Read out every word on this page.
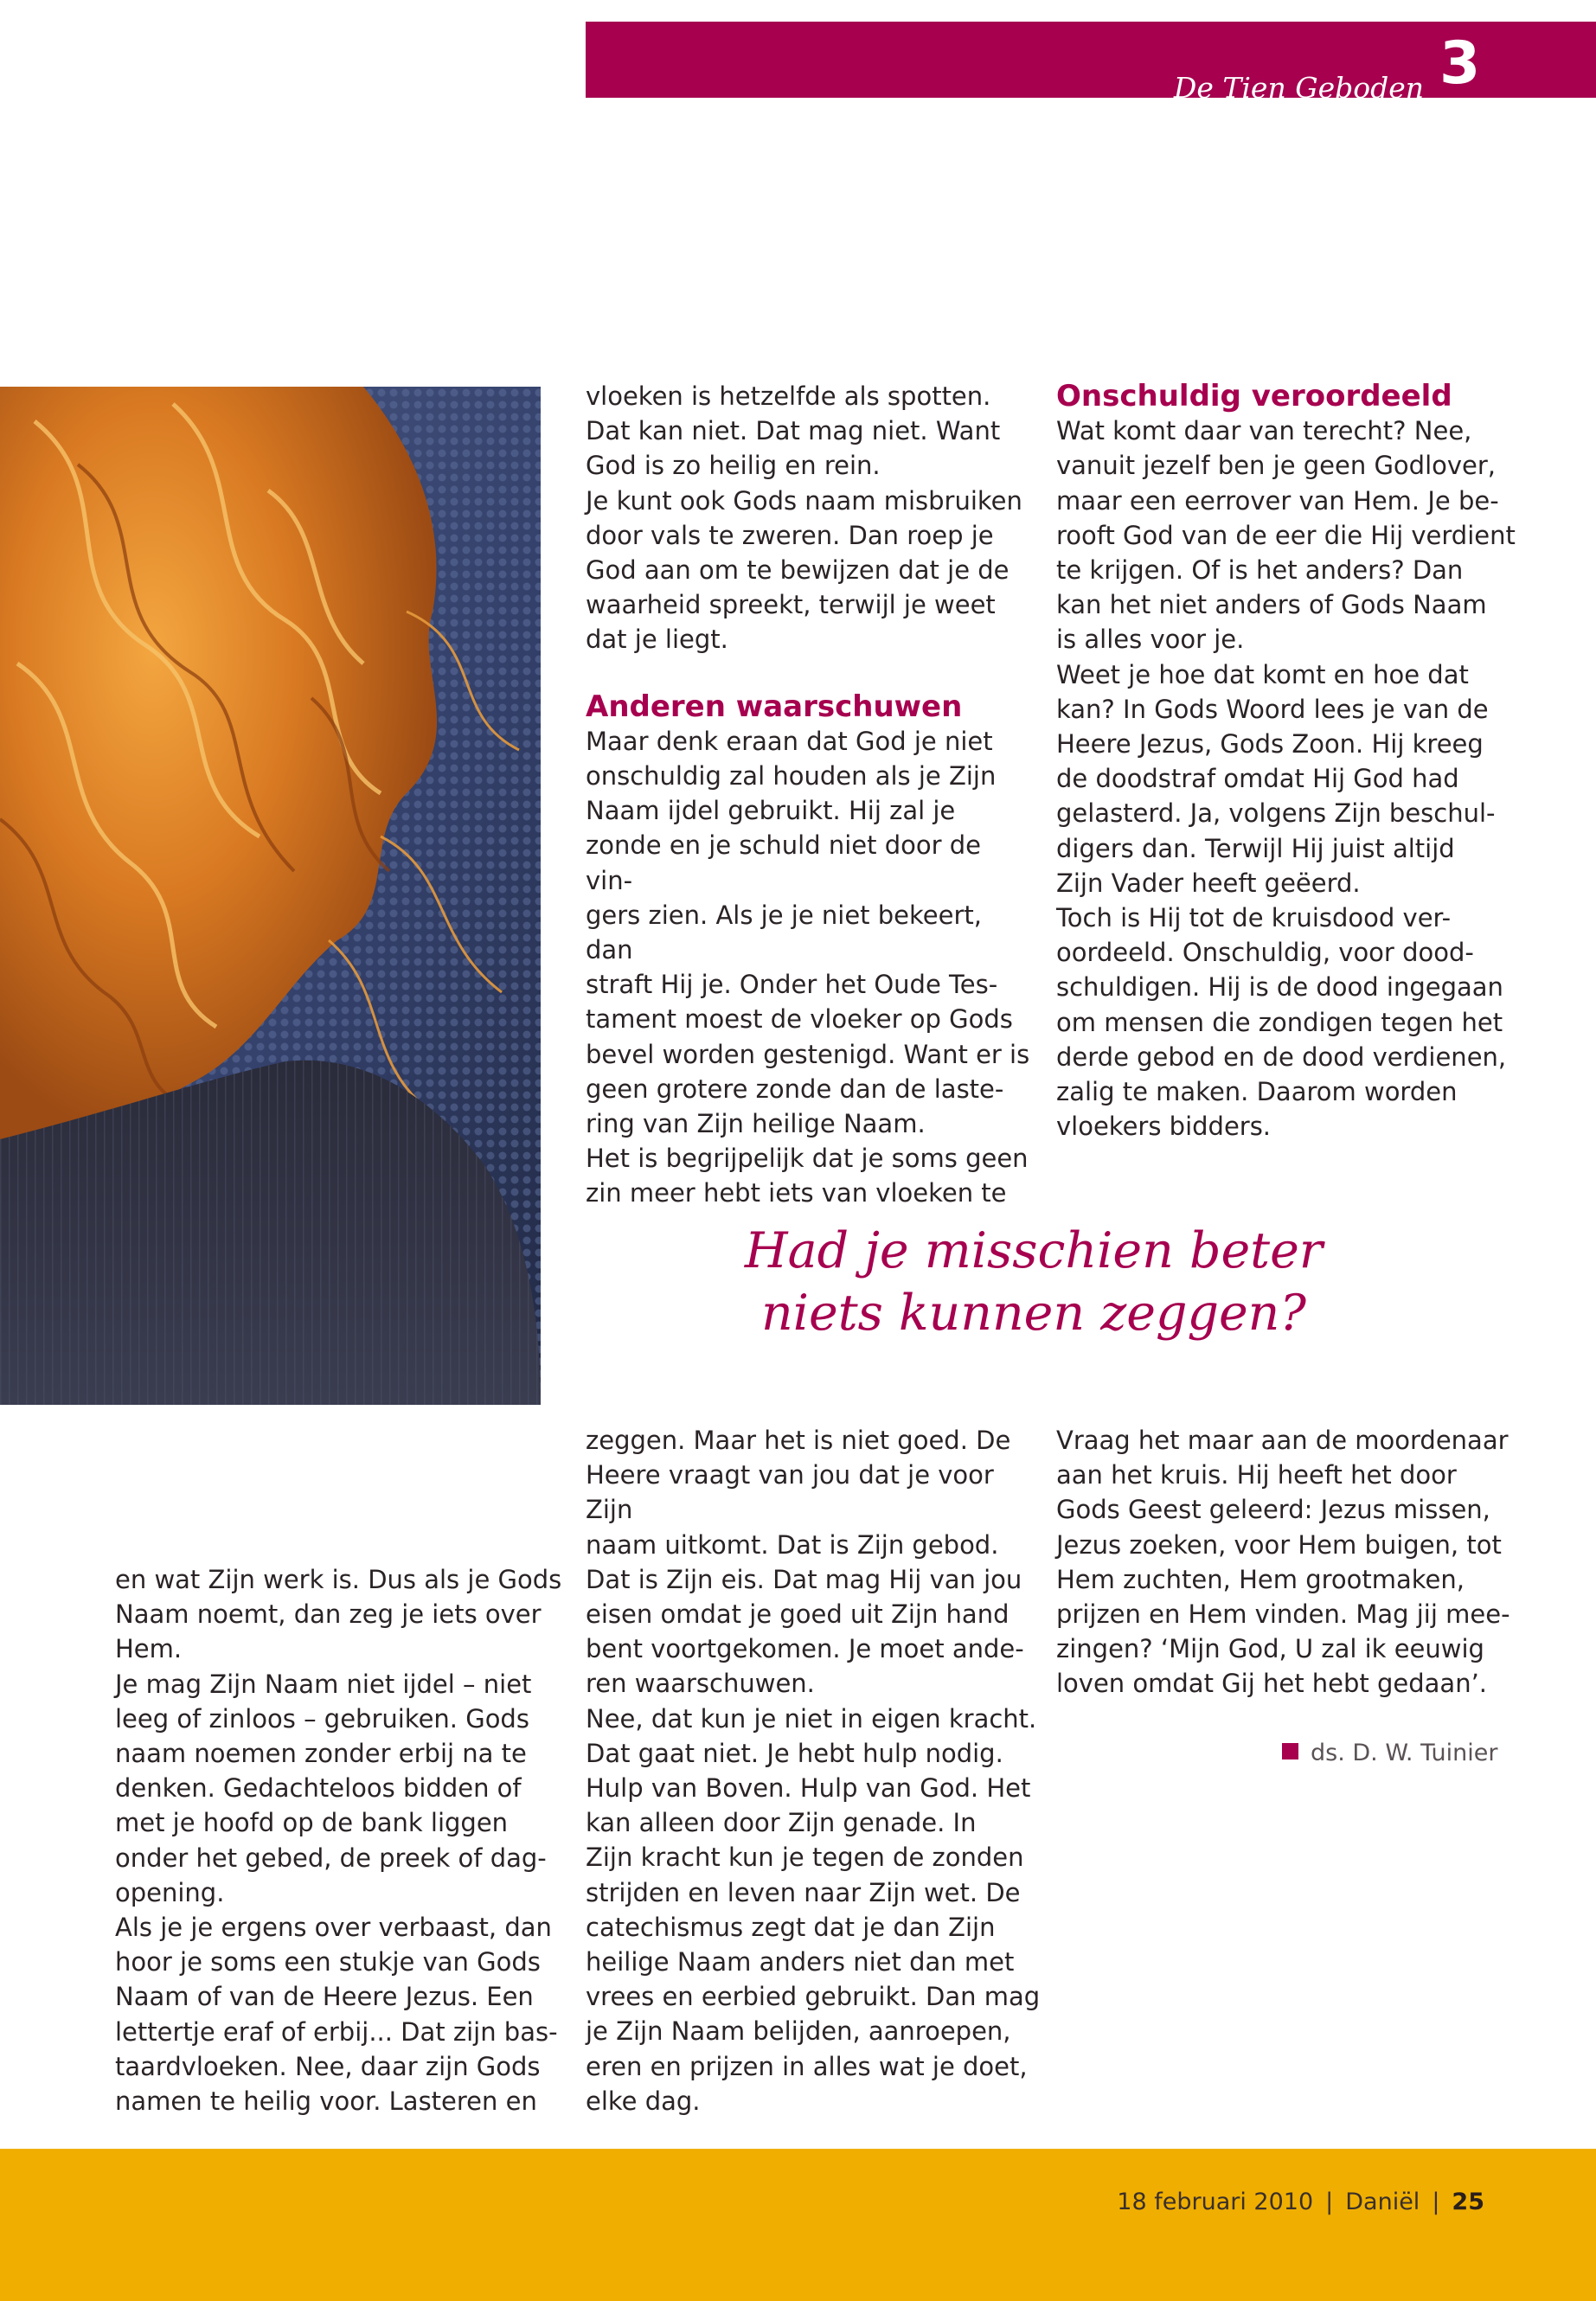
De Tien Geboden 3

vloeken is hetzelfde als spotten.

Dat kan niet. Dat mag niet. Want

God is zo heilig en rein.

Je kunt ook Gods naam misbruiken

door vals te zweren. Dan roep je

God aan om te bewijzen dat je de

waarheid spreekt, terwijl je weet

dat je liegt.

Anderen waarschuwen

Maar denk eraan dat God je niet

onschuldig zal houden als je Zijn

Naam ijdel gebruikt. Hij zal je

zonde en je schuld niet door de vin-

gers zien. Als je je niet bekeert, dan

straft Hij je. Onder het Oude Tes-

tament moest de vloeker op Gods

bevel worden gestenigd. Want er is

geen grotere zonde dan de laste-

ring van Zijn heilige Naam.

Het is begrijpelijk dat je soms geen

zin meer hebt iets van vloeken te

Onschuldig veroordeeld

Wat komt daar van terecht? Nee,

vanuit jezelf ben je geen Godlover,

maar een eerrover van Hem. Je be-

rooft God van de eer die Hij verdient

te krijgen. Of is het anders? Dan

kan het niet anders of Gods Naam

is alles voor je.

Weet je hoe dat komt en hoe dat

kan? In Gods Woord lees je van de

Heere Jezus, Gods Zoon. Hij kreeg

de doodstraf omdat Hij God had

gelasterd. Ja, volgens Zijn beschul-

digers dan. Terwijl Hij juist altijd

Zijn Vader heeft geëerd.

Toch is Hij tot de kruisdood ver-

oordeeld. Onschuldig, voor dood-

schuldigen. Hij is de dood ingegaan

om mensen die zondigen tegen het

derde gebod en de dood verdienen,

zalig te maken. Daarom worden

vloekers bidders.

Had je misschien beter
niets kunnen zeggen?

en wat Zijn werk is. Dus als je Gods

Naam noemt, dan zeg je iets over

Hem.

Je mag Zijn Naam niet ijdel – niet

leeg of zinloos – gebruiken. Gods

naam noemen zonder erbij na te

denken. Gedachteloos bidden of

met je hoofd op de bank liggen

onder het gebed, de preek of dag-

opening.

Als je je ergens over verbaast, dan

hoor je soms een stukje van Gods

Naam of van de Heere Jezus. Een

lettertje eraf of erbij... Dat zijn bas-

taardvloeken. Nee, daar zijn Gods

namen te heilig voor. Lasteren en

zeggen. Maar het is niet goed. De

Heere vraagt van jou dat je voor Zijn

naam uitkomt. Dat is Zijn gebod.

Dat is Zijn eis. Dat mag Hij van jou

eisen omdat je goed uit Zijn hand

bent voortgekomen. Je moet ande-

ren waarschuwen.

Nee, dat kun je niet in eigen kracht.

Dat gaat niet. Je hebt hulp nodig.

Hulp van Boven. Hulp van God. Het

kan alleen door Zijn genade. In

Zijn kracht kun je tegen de zonden

strijden en leven naar Zijn wet. De

catechismus zegt dat je dan Zijn

heilige Naam anders niet dan met

vrees en eerbied gebruikt. Dan mag

je Zijn Naam belijden, aanroepen,

eren en prijzen in alles wat je doet,

elke dag.

Vraag het maar aan de moordenaar

aan het kruis. Hij heeft het door

Gods Geest geleerd: Jezus missen,

Jezus zoeken, voor Hem buigen, tot

Hem zuchten, Hem grootmaken,

prijzen en Hem vinden. Mag jij mee-

zingen? ‘Mijn God, U zal ik eeuwig

loven omdat Gij het hebt gedaan’.

ds. D. W. Tuinier
18 februari 2010 | Daniël | 25
